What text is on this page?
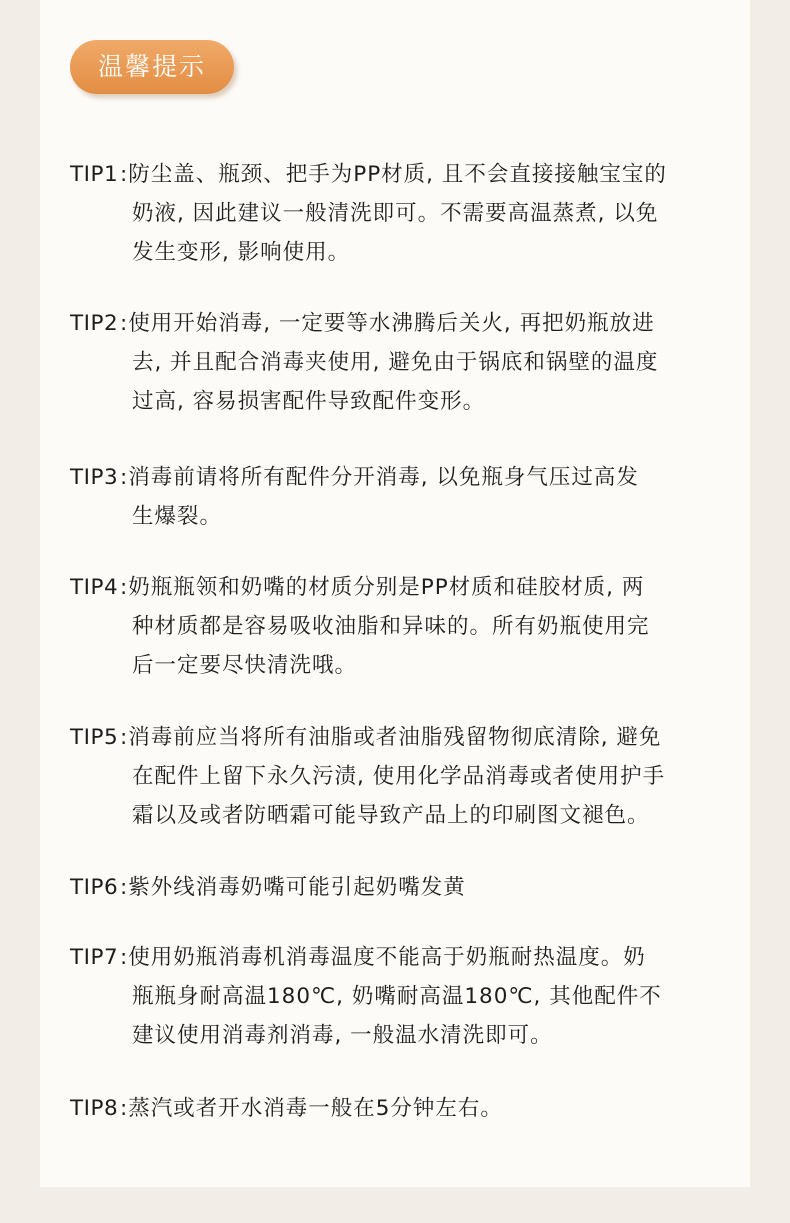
温馨提示
TIP1 :防尘盖、瓶颈、把手为PP材质, 且不会直接接触宝宝的
奶液, 因此建议一般清洗即可。不需要高温蒸煮, 以免
发生变形, 影响使用。
TIP2 :使用开始消毒, 一定要等水沸腾后关火, 再把奶瓶放进
去, 并且配合消毒夹使用, 避免由于锅底和锅壁的温度
过高, 容易损害配件导致配件变形。
TIP3 :消毒前请将所有配件分开消毒, 以免瓶身气压过高发
生爆裂。
TIP4 :奶瓶瓶领和奶嘴的材质分别是PP材质和硅胶材质, 两
种材质都是容易吸收油脂和异味的。所有奶瓶使用完
后一定要尽快清洗哦。
TIP5 :消毒前应当将所有油脂或者油脂残留物彻底清除, 避免
在配件上留下永久污渍, 使用化学品消毒或者使用护手
霜以及或者防晒霜可能导致产品上的印刷图文褪色。
TIP6 :紫外线消毒奶嘴可能引起奶嘴发黄
TIP7 :使用奶瓶消毒机消毒温度不能高于奶瓶耐热温度。奶
瓶瓶身耐高温180℃, 奶嘴耐高温180℃, 其他配件不
建议使用消毒剂消毒, 一般温水清洗即可。
TIP8 :蒸汽或者开水消毒一般在5分钟左右。
